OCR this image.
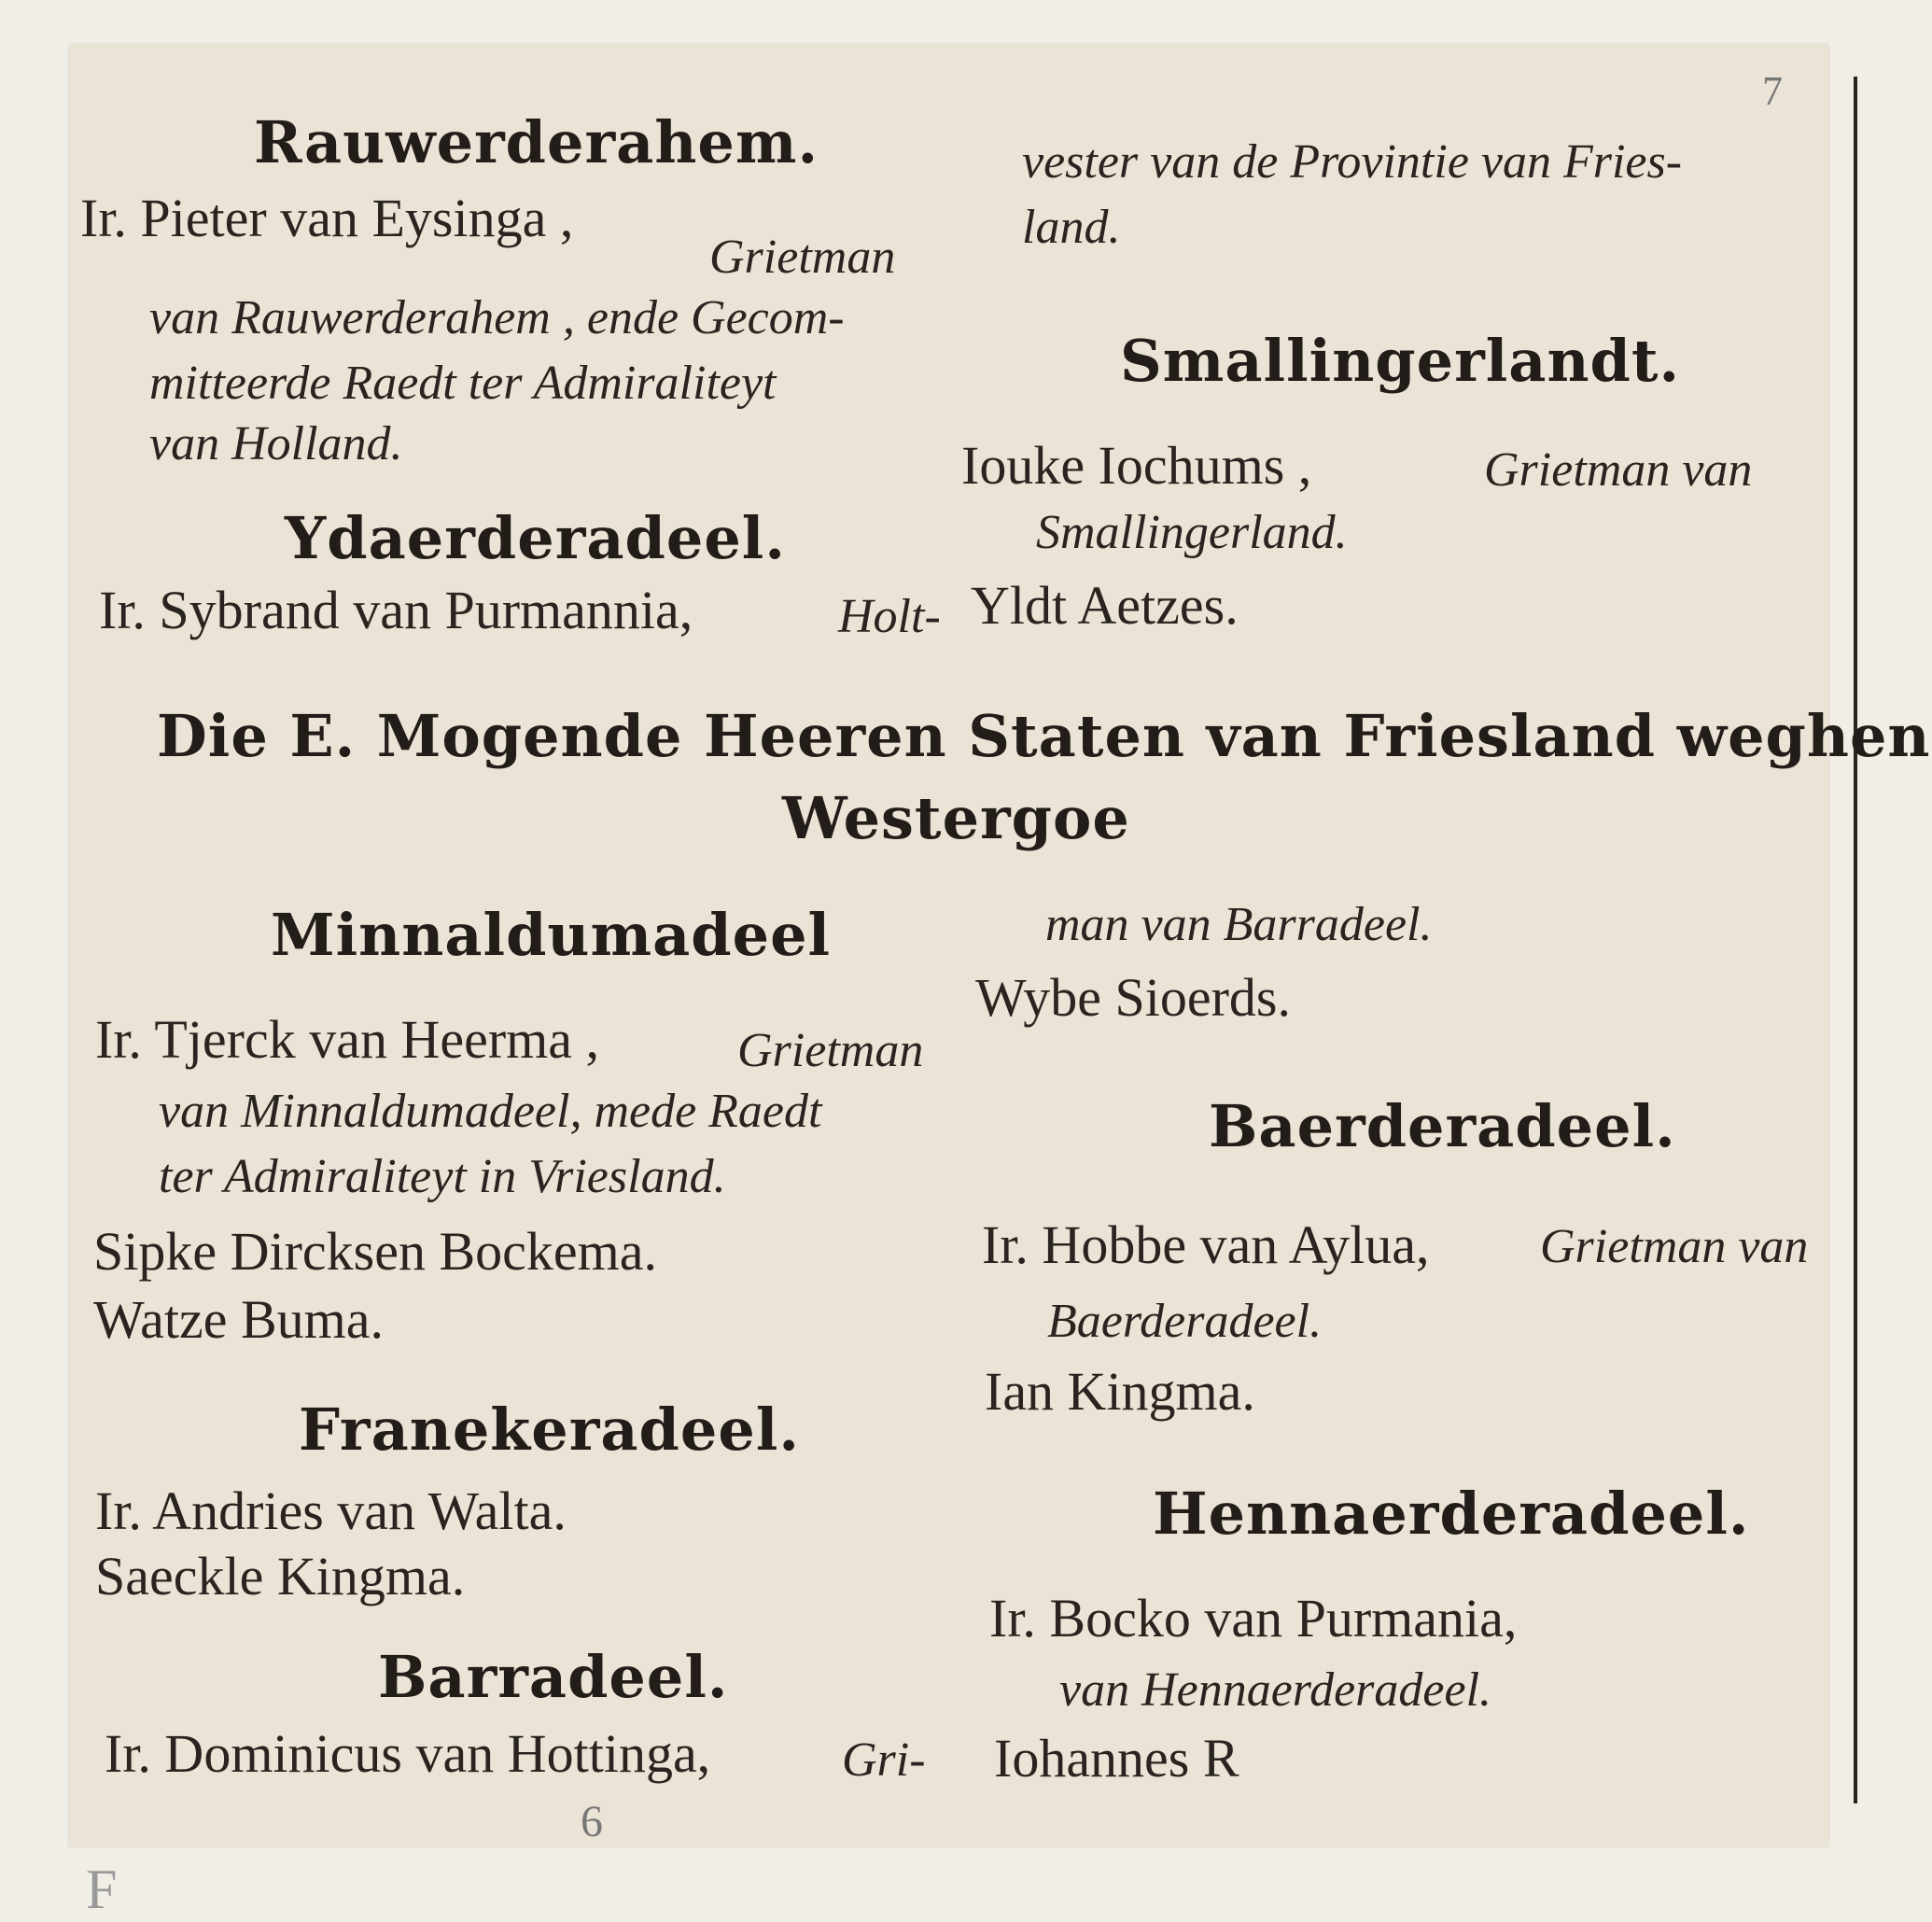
7
6
F
Rauwerderahem.
Ir. Pieter van Eysinga ,
Grietman
van Rauwerderahem , ende Gecom-
mitteerde Raedt ter Admiraliteyt
van Holland.
Ydaerderadeel.
Ir. Sybrand van Purmannia,	Holt-
vester van de Provintie van Fries-
land.
Smallingerlandt.
Iouke Iochums ,	Grietman van
Smallingerland.
Yldt Aetzes.
Die E. Mogende Heeren Staten van Friesland weghen
Westergoe
Minnaldumadeel
Ir. Tjerck van Heerma ,	Grietman
van Minnaldumadeel, mede Raedt
ter Admiraliteyt in Vriesland.
Sipke Dircksen Bockema.
Watze Buma.
Franekeradeel.
Ir. Andries van Walta.
Saeckle Kingma.
Barradeel.
Ir. Dominicus van Hottinga,	Gri-
man van Barradeel.
Wybe Sioerds.
Baerderadeel.
Ir. Hobbe van Aylua, Grietman van
Baerderadeel.
Ian Kingma.
Hennaerderadeel.
Ir. Bocko van Purmania,
van Hennaerderadeel.
Iohannes R
